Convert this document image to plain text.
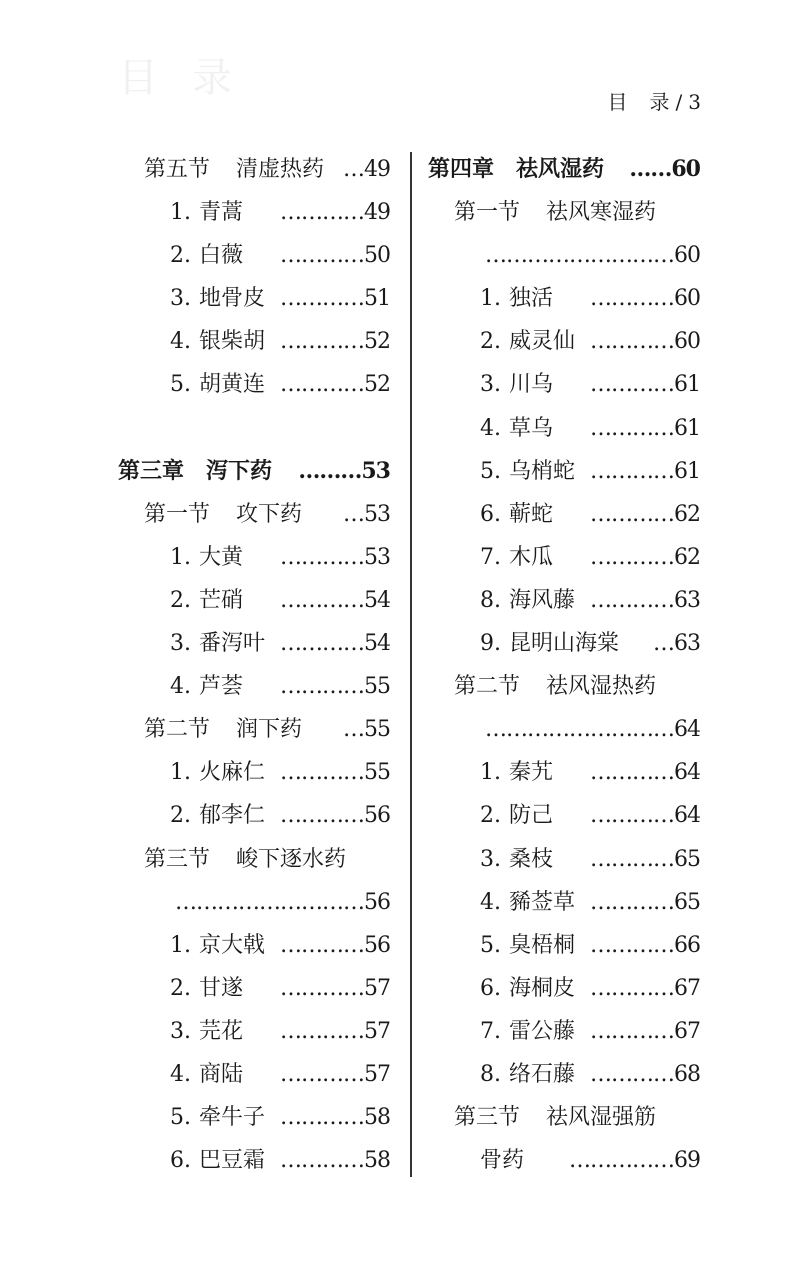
目录
目　录 / 3
第五节 清虚热药 …49
1. 青蒿 …………49
2. 白薇 …………50
3. 地骨皮 …………51
4. 银柴胡 …………52
5. 胡黄连 …………52
第三章 泻下药 ………53
第一节 攻下药 …53
1. 大黄 …………53
2. 芒硝 …………54
3. 番泻叶 …………54
4. 芦荟 …………55
第二节 润下药 …55
1. 火麻仁 …………55
2. 郁李仁 …………56
第三节 峻下逐水药
………………………56
1. 京大戟 …………56
2. 甘遂 …………57
3. 芫花 …………57
4. 商陆 …………57
5. 牵牛子 …………58
6. 巴豆霜 …………58
第四章 祛风湿药 ……60
第一节 祛风寒湿药
………………………60
1. 独活 …………60
2. 威灵仙 …………60
3. 川乌 …………61
4. 草乌 …………61
5. 乌梢蛇 …………61
6. 蕲蛇 …………62
7. 木瓜 …………62
8. 海风藤 …………63
9. 昆明山海棠 …63
第二节 祛风湿热药
………………………64
1. 秦艽 …………64
2. 防己 …………64
3. 桑枝 …………65
4. 豨莶草 …………65
5. 臭梧桐 …………66
6. 海桐皮 …………67
7. 雷公藤 …………67
8. 络石藤 …………68
第三节 祛风湿强筋
骨药 ……………69
